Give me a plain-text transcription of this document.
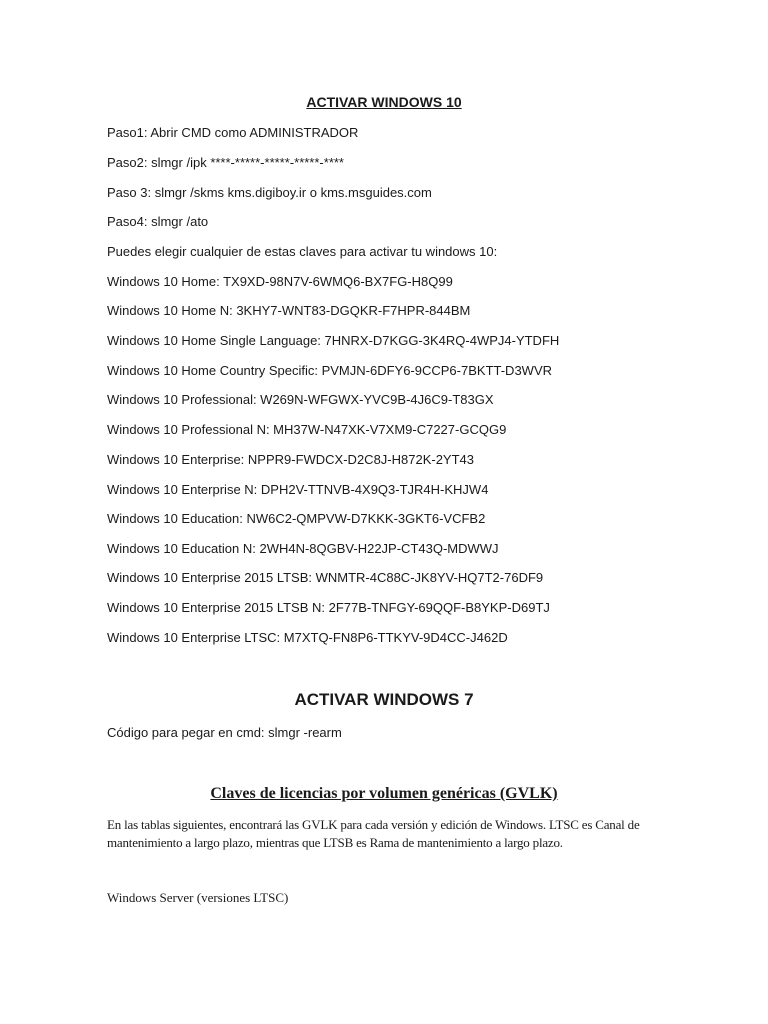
ACTIVAR WINDOWS 10
Paso1: Abrir CMD como ADMINISTRADOR
Paso2: slmgr /ipk ****-*****-*****-*****-****
Paso 3: slmgr /skms kms.digiboy.ir o kms.msguides.com
Paso4: slmgr /ato
Puedes elegir cualquier de estas claves para activar tu windows 10:
Windows 10 Home: TX9XD-98N7V-6WMQ6-BX7FG-H8Q99
Windows 10 Home N: 3KHY7-WNT83-DGQKR-F7HPR-844BM
Windows 10 Home Single Language: 7HNRX-D7KGG-3K4RQ-4WPJ4-YTDFH
Windows 10 Home Country Specific: PVMJN-6DFY6-9CCP6-7BKTT-D3WVR
Windows 10 Professional: W269N-WFGWX-YVC9B-4J6C9-T83GX
Windows 10 Professional N: MH37W-N47XK-V7XM9-C7227-GCQG9
Windows 10 Enterprise: NPPR9-FWDCX-D2C8J-H872K-2YT43
Windows 10 Enterprise N: DPH2V-TTNVB-4X9Q3-TJR4H-KHJW4
Windows 10 Education: NW6C2-QMPVW-D7KKK-3GKT6-VCFB2
Windows 10 Education N: 2WH4N-8QGBV-H22JP-CT43Q-MDWWJ
Windows 10 Enterprise 2015 LTSB: WNMTR-4C88C-JK8YV-HQ7T2-76DF9
Windows 10 Enterprise 2015 LTSB N: 2F77B-TNFGY-69QQF-B8YKP-D69TJ
Windows 10 Enterprise LTSC: M7XTQ-FN8P6-TTKYV-9D4CC-J462D
ACTIVAR WINDOWS 7
Código para pegar en cmd: slmgr -rearm
Claves de licencias por volumen genéricas (GVLK)
En las tablas siguientes, encontrará las GVLK para cada versión y edición de Windows. LTSC es Canal de mantenimiento a largo plazo, mientras que LTSB es Rama de mantenimiento a largo plazo.
Windows Server (versiones LTSC)
